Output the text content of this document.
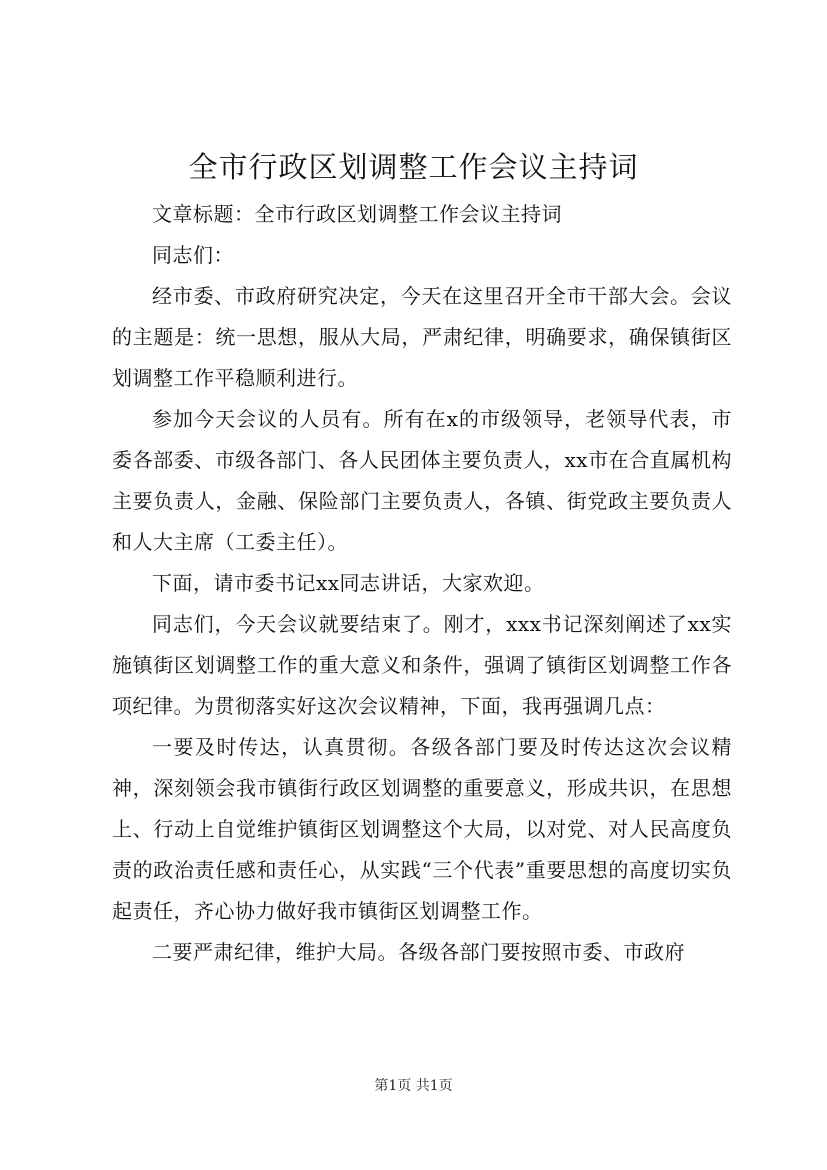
全市行政区划调整工作会议主持词

文章标题：全市行政区划调整工作会议主持词

同志们：

经市委、市政府研究决定，今天在这里召开全市干部大会。会议的主题是：统一思想，服从大局，严肃纪律，明确要求，确保镇街区划调整工作平稳顺利进行。

参加今天会议的人员有。所有在x的市级领导，老领导代表，市委各部委、市级各部门、各人民团体主要负责人，xx市在合直属机构主要负责人，金融、保险部门主要负责人，各镇、街党政主要负责人和人大主席（工委主任）。

下面，请市委书记xx同志讲话，大家欢迎。

同志们，今天会议就要结束了。刚才，xxx书记深刻阐述了xx实施镇街区划调整工作的重大意义和条件，强调了镇街区划调整工作各项纪律。为贯彻落实好这次会议精神，下面，我再强调几点：

一要及时传达，认真贯彻。各级各部门要及时传达这次会议精神，深刻领会我市镇街行政区划调整的重要意义，形成共识，在思想上、行动上自觉维护镇街区划调整这个大局，以对党、对人民高度负责的政治责任感和责任心，从实践“三个代表”重要思想的高度切实负起责任，齐心协力做好我市镇街区划调整工作。

二要严肃纪律，维护大局。各级各部门要按照市委、市政府

第1页 共1页
